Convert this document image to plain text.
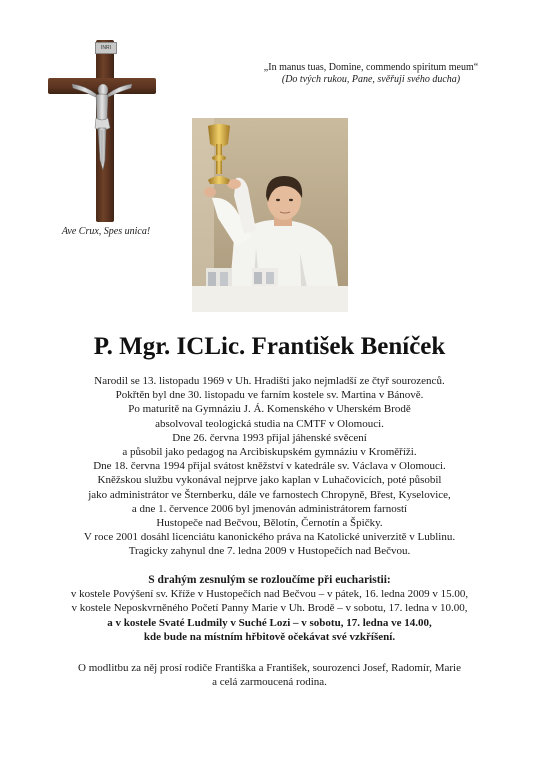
INRI
„In manus tuas, Domine, commendo spiritum meum“
(Do tvých rukou, Pane, svěřuji svého ducha)
Ave Crux, Spes unica!
P. Mgr. ICLic. František Beníček
Narodil se 13. listopadu 1969 v Uh. Hradišti jako nejmladší ze čtyř sourozenců.
Pokřtěn byl dne 30. listopadu ve farním kostele sv. Martina v Bánově.
Po maturitě na Gymnáziu J. Á. Komenského v Uherském Brodě
absolvoval teologická studia na CMTF v Olomouci.
Dne 26. června 1993 přijal jáhenské svěcení
a působil jako pedagog na Arcibiskupském gymnáziu v Kroměříži.
Dne 18. června 1994 přijal svátost kněžství v katedrále sv. Václava v Olomouci.
Kněžskou službu vykonával nejprve jako kaplan v Luhačovicích, poté působil
jako administrátor ve Šternberku, dále ve farnostech Chropyně, Břest, Kyselovice,
a dne 1. července 2006 byl jmenován administrátorem farností
Hustopeče nad Bečvou, Bělotín, Černotín a Špičky.
V roce 2001 dosáhl licenciátu kanonického práva na Katolické univerzitě v Lublinu.
Tragicky zahynul dne 7. ledna 2009 v Hustopečích nad Bečvou.
S drahým zesnulým se rozloučíme při eucharistii:
v kostele Povýšení sv. Kříže v Hustopečích nad Bečvou – v pátek, 16. ledna 2009 v 15.00,
v kostele Neposkvrněného Početí Panny Marie v Uh. Brodě – v sobotu, 17. ledna v 10.00,
a v kostele Svaté Ludmily v Suché Lozi – v sobotu, 17. ledna ve 14.00,
kde bude na místním hřbitově očekávat své vzkříšení.
O modlitbu za něj prosí rodiče Františka a František, sourozenci Josef, Radomír, Marie
a celá zarmoucená rodina.
